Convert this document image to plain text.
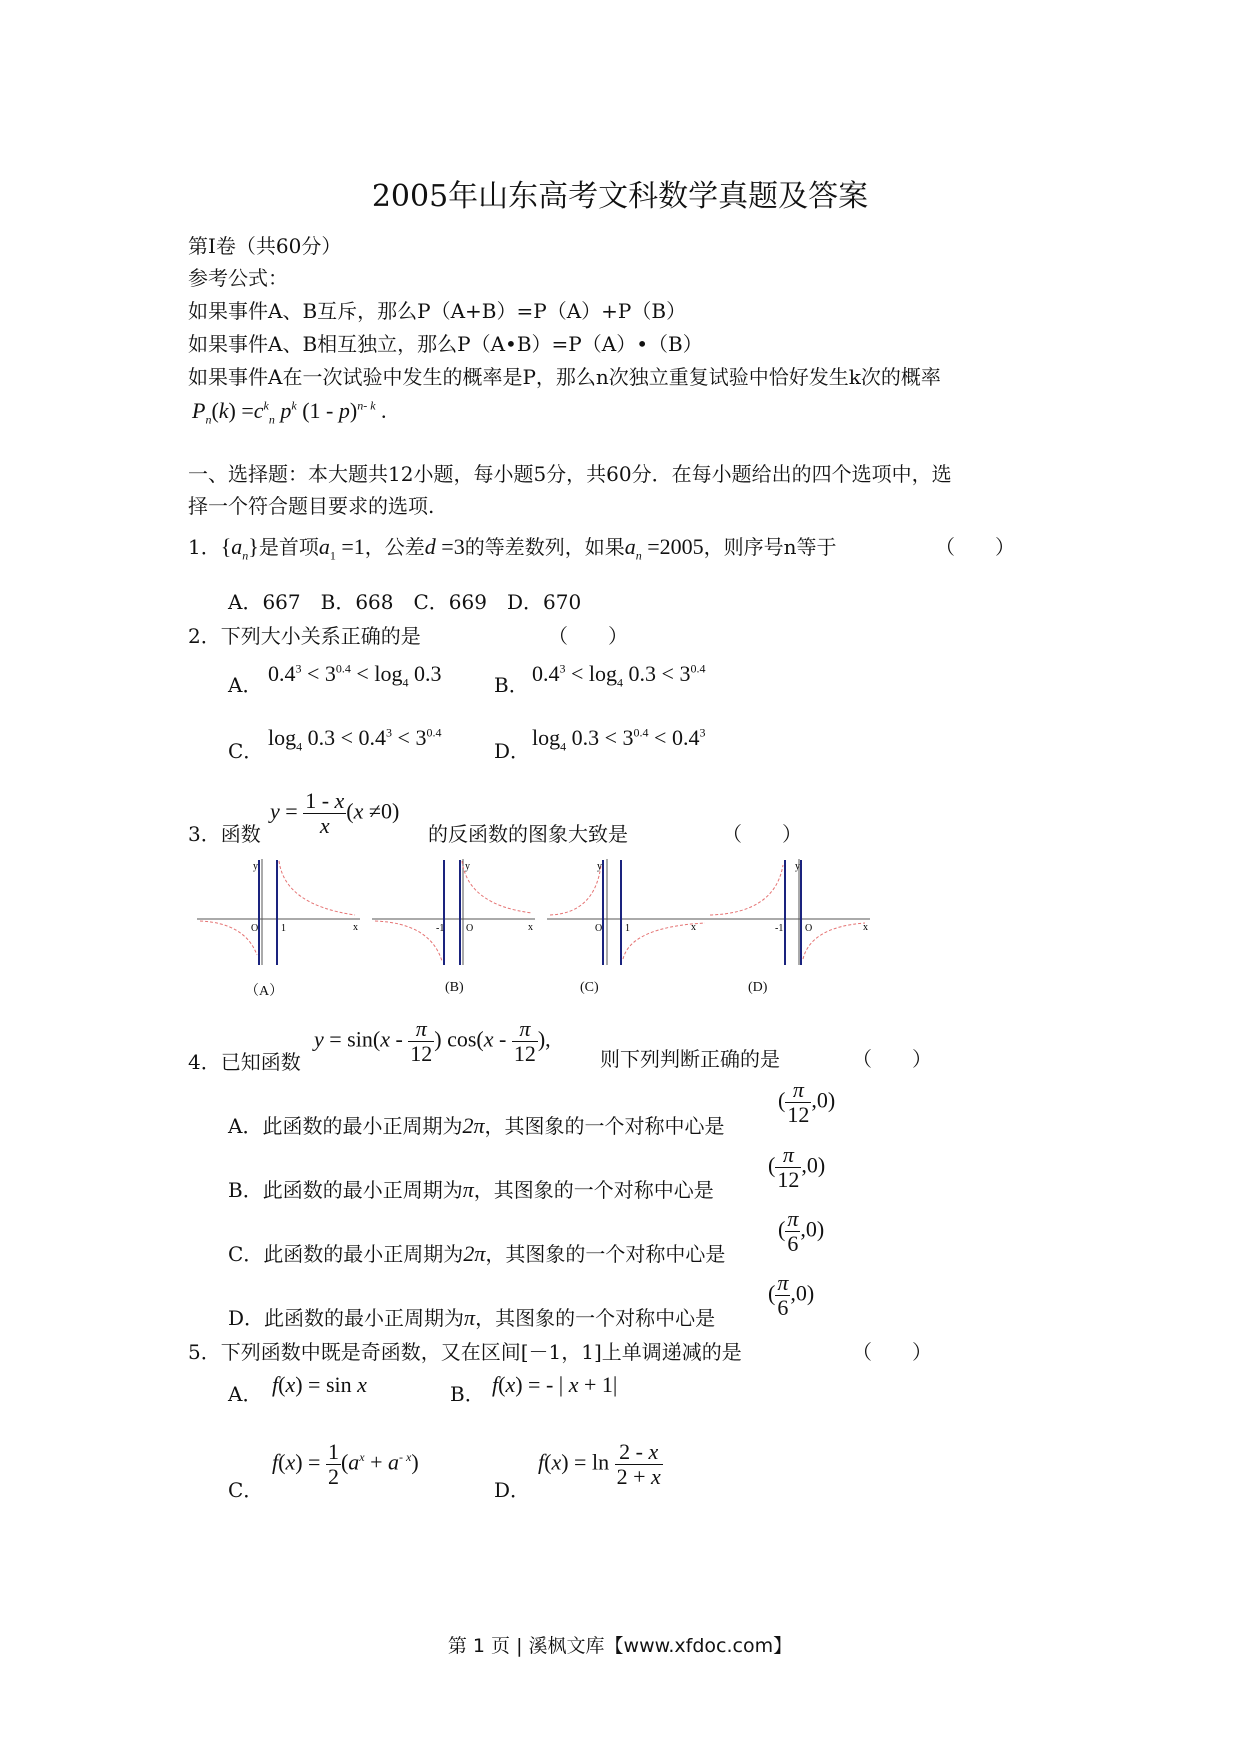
2005年山东高考文科数学真题及答案
第Ⅰ卷（共60分）
参考公式：
如果事件A、B互斥，那么P（A+B）=P（A）+P（B）
如果事件A、B相互独立，那么P（A•B）=P（A）•（B）
如果事件A在一次试验中发生的概率是P，那么n次独立重复试验中恰好发生k次的概率
$P_n(k) =c^k_n$ $p^k$ (1 - p)$^{n- k}$ .
一、选择题：本大题共12小题，每小题5分，共60分．在每小题给出的四个选项中，选
择一个符合题目要求的选项.
1．$\{a_n\}$是首项$a_1 =1$，公差d =3的等差数列，如果$a_n =2005$，则序号n等于	（　　）
A．667　B．668　C．669　D．670
2．下列大小关系正确的是	（　　）
A． $0.4^3 < 3^{0.4} < \log_4 0.3$	B． $0.4^3 < \log_4 0.3 < 3^{0.4}$
C．
$\log_4 0.3 < 0.4^3 < 3^{0.4}$
D．
$\log_4 0.3 < 3^{0.4} < 0.4^3$
3．函数
$y = \frac{1 - x}{x} (x \ne 0)$
的反函数的图象大致是	（　　）
y
O 1	x
y
-1 O	x
y
O 1	x
y
-1 O	x
（A）	(B)	(C)	(D)
4．已知函数
$y = \sin(x - \frac{\pi}{12}$ ) $\cos(x - \frac{\pi}{12}$ ),
则下列判断正确的是	（　　）
A．此函数的最小正周期为2π，其图象的一个对称中心是
( $\frac{\pi}{12} ,0$)
B．此函数的最小正周期为π，其图象的一个对称中心是
( $\frac{\pi}{12} ,0$)
C．此函数的最小正周期为2π，其图象的一个对称中心是
( $\frac{\pi}{6} ,0$)
D．此函数的最小正周期为π，其图象的一个对称中心是
( $\frac{\pi}{6} ,0$)
5．下列函数中既是奇函数，又在区间[－1，1]上单调递减的是	（　　）
A． f(x) = sin x	B． f(x) = - | x + 1|
C．
$f(x) = \frac{1}{2} (a^x + a^{- x})$
D．
$f(x) = \ln \frac{2 - x}{2 + x}$
第 1 页 | 溪枫文库【www.xfdoc.com】
